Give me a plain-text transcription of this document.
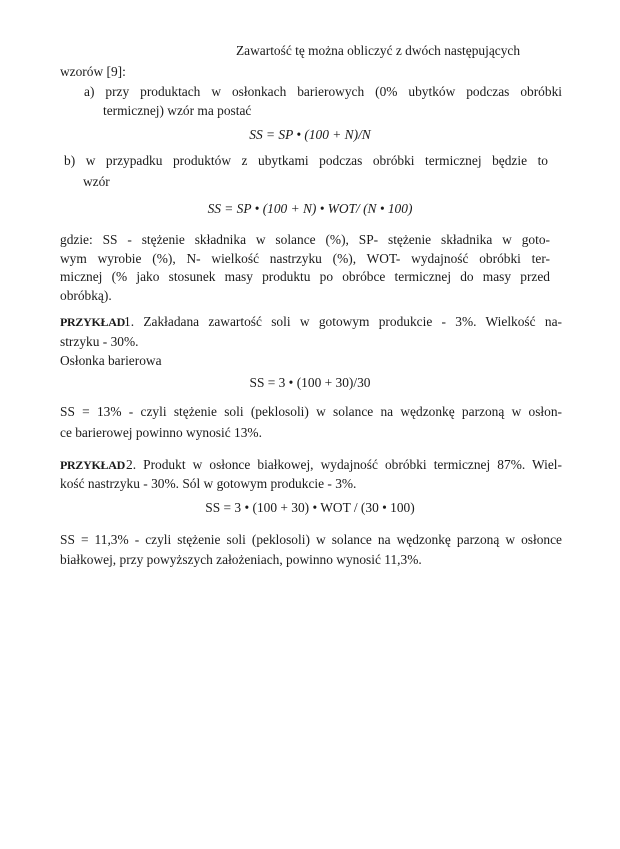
Zawartość tę można obliczyć z dwóch następujących
wzorów [9]:
a) przy produktach w osłonkach barierowych (0% ubytków podczas obróbki
termicznej) wzór ma postać
SS = SP • (100 + N)/N
b) w przypadku produktów z ubytkami podczas obróbki termicznej będzie to
wzór
SS = SP • (100 + N) • WOT/ (N • 100)
gdzie: SS - stężenie składnika w solance (%), SP- stężenie składnika w goto-
wym wyrobie (%), N- wielkość nastrzyku (%), WOT- wydajność obróbki ter-
micznej (% jako stosunek masy produktu po obróbce termicznej do masy przed
obróbką).
PRZYKŁAD 1. Zakładana zawartość soli w gotowym produkcie - 3%. Wielkość na-
strzyku - 30%.
Osłonka barierowa
SS = 3 • (100 + 30)/30
SS = 13% - czyli stężenie soli (peklosoli) w solance na wędzonkę parzoną w osłon-
ce barierowej powinno wynosić 13%.
PRZYKŁAD 2. Produkt w osłonce białkowej, wydajność obróbki termicznej 87%. Wiel-
kość nastrzyku - 30%. Sól w gotowym produkcie - 3%.
SS = 3 • (100 + 30) • WOT / (30 • 100)
SS = 11,3% - czyli stężenie soli (peklosoli) w solance na wędzonkę parzoną w osłonce
białkowej, przy powyższych założeniach, powinno wynosić 11,3%.
